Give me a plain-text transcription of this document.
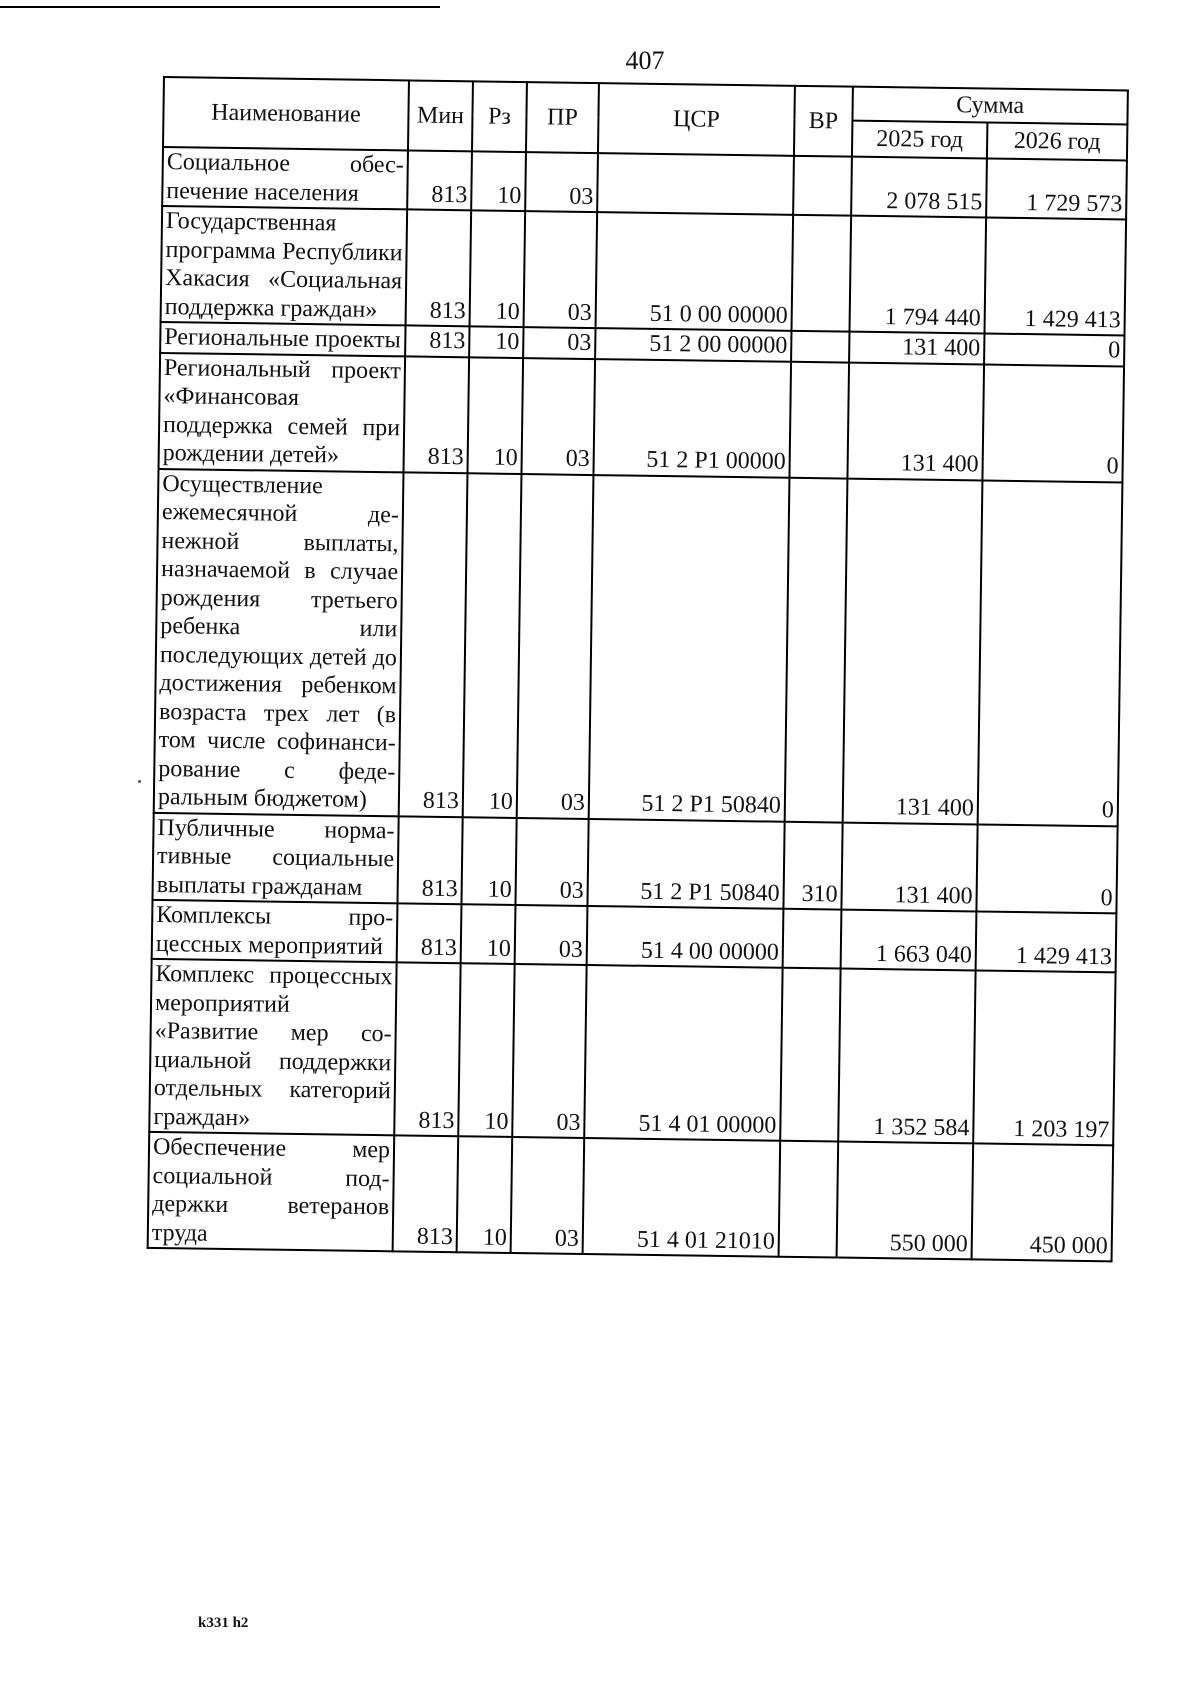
407
Наименование	Мин	Рз	ПР	ЦСР	ВР	Сумма	
						2025 год	2026 год
Социальное обеспечение населения	813	10	03			2 078 515	1 729 573
Государственная программа Республики Хакасия «Социальная поддержка граждан»	813	10	03	51 0 00 00000		1 794 440	1 429 413
Региональные проекты	813	10	03	51 2 00 00000		131 400	0
Региональный проект «Финансовая поддержка семей при рождении детей»	813	10	03	51 2 P1 00000		131 400	0
Осуществление ежемесячной денежной выплаты, назначаемой в случае рождения третьего ребенка или последующих детей до достижения ребенком возраста трех лет (в том числе софинансирование с федеральным бюджетом)	813	10	03	51 2 P1 50840		131 400	0
Публичные нормативные социальные выплаты гражданам	813	10	03	51 2 P1 50840	310	131 400	0
Комплексы процессных мероприятий	813	10	03	51 4 00 00000		1 663 040	1 429 413
Комплекс процессных мероприятий «Развитие мер социальной поддержки отдельных категорий граждан»	813	10	03	51 4 01 00000		1 352 584	1 203 197
Обеспечение мер социальной поддержки ветеранов труда	813	10	03	51 4 01 21010		550 000	450 000
k331 h2
